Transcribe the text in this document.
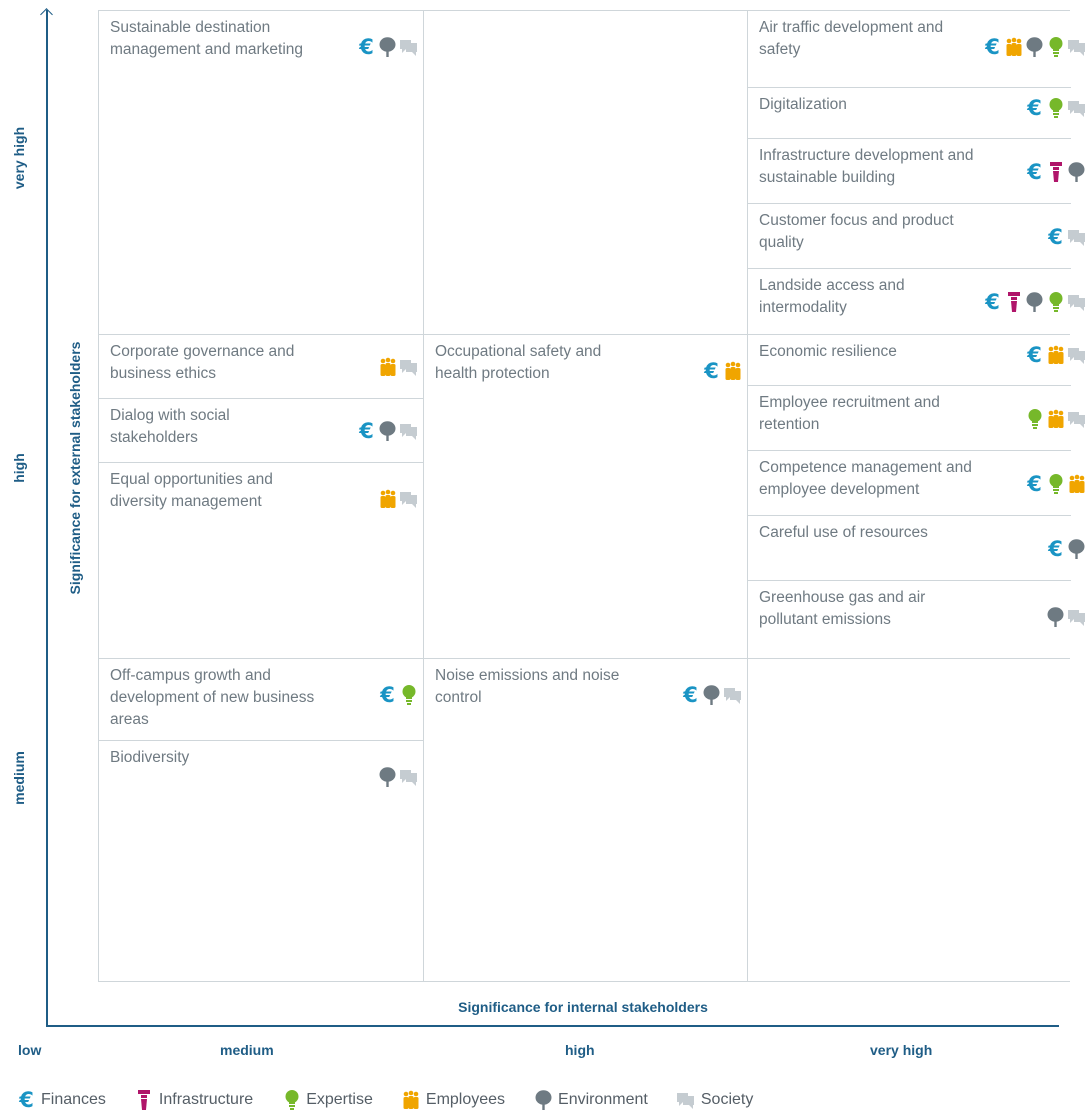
very high
high
medium
Significance for external stakeholders
Significance for internal stakeholders
low	medium	high	very high
Sustainable destination management and marketing	€
Air traffic development and safety	€
Digitalization	€
Infrastructure development and sustainable building	€
Customer focus and product quality	€
Landside access and intermodality	€
Corporate governance and business ethics
Dialog with social stakeholders	€
Equal opportunities and diversity management
Occupational safety and health protection	€
Economic resilience	€
Employee recruitment and retention
Competence management and employee development	€
Careful use of resources
€
Greenhouse gas and air pollutant emissions
Off-campus growth and development of new business areas
€
Biodiversity
Noise emissions and noise control	€
€ Finances	Infrastructure	Expertise	Employees	Environment	Society
